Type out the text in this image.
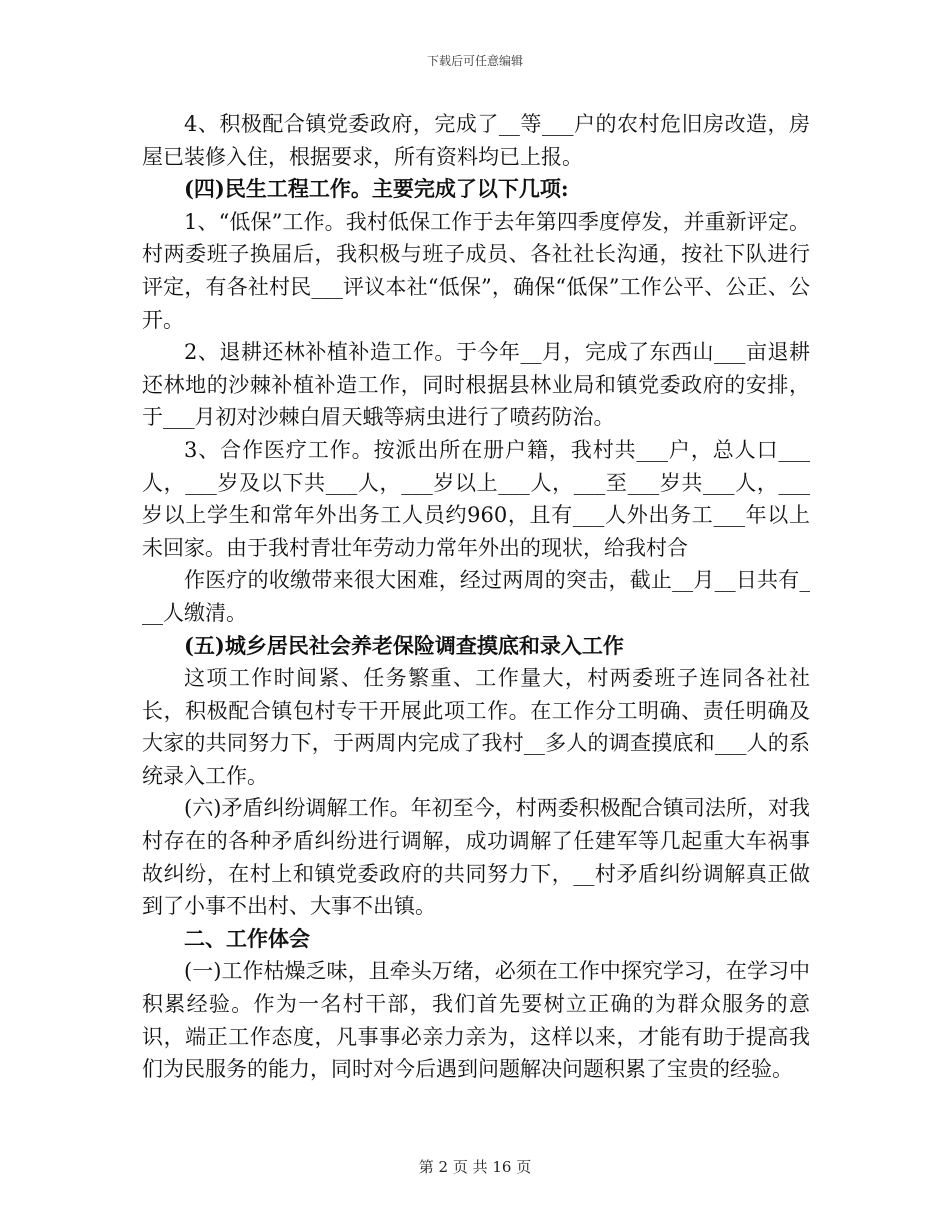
下载后可任意编辑

4、积极配合镇党委政府，完成了__等___户的农村危旧房改造，房屋已装修入住，根据要求，所有资料均已上报。

(四)民生工程工作。主要完成了以下几项:

1、“低保”工作。我村低保工作于去年第四季度停发，并重新评定。村两委班子换届后，我积极与班子成员、各社社长沟通，按社下队进行评定，有各社村民___评议本社“低保”，确保“低保”工作公平、公正、公开。

2、退耕还林补植补造工作。于今年__月，完成了东西山___亩退耕还林地的沙棘补植补造工作，同时根据县林业局和镇党委政府的安排，于___月初对沙棘白眉天蛾等病虫进行了喷药防治。

3、合作医疗工作。按派出所在册户籍，我村共___户，总人口___人，___岁及以下共___人，___岁以上___人，___至___岁共___人，___岁以上学生和常年外出务工人员约960，且有___人外出务工___年以上未回家。由于我村青壮年劳动力常年外出的现状，给我村合

作医疗的收缴带来很大困难，经过两周的突击，截止__月__日共有___人缴清。

(五)城乡居民社会养老保险调查摸底和录入工作

这项工作时间紧、任务繁重、工作量大，村两委班子连同各社社长，积极配合镇包村专干开展此项工作。在工作分工明确、责任明确及大家的共同努力下，于两周内完成了我村__多人的调查摸底和___人的系统录入工作。

(六)矛盾纠纷调解工作。年初至今，村两委积极配合镇司法所，对我村存在的各种矛盾纠纷进行调解，成功调解了任建军等几起重大车祸事故纠纷，在村上和镇党委政府的共同努力下，__村矛盾纠纷调解真正做到了小事不出村、大事不出镇。

二、工作体会

(一)工作枯燥乏味，且牵头万绪，必须在工作中探究学习，在学习中积累经验。作为一名村干部，我们首先要树立正确的为群众服务的意识，端正工作态度，凡事事必亲力亲为，这样以来，才能有助于提高我们为民服务的能力，同时对今后遇到问题解决问题积累了宝贵的经验。

第 2 页 共 16 页
